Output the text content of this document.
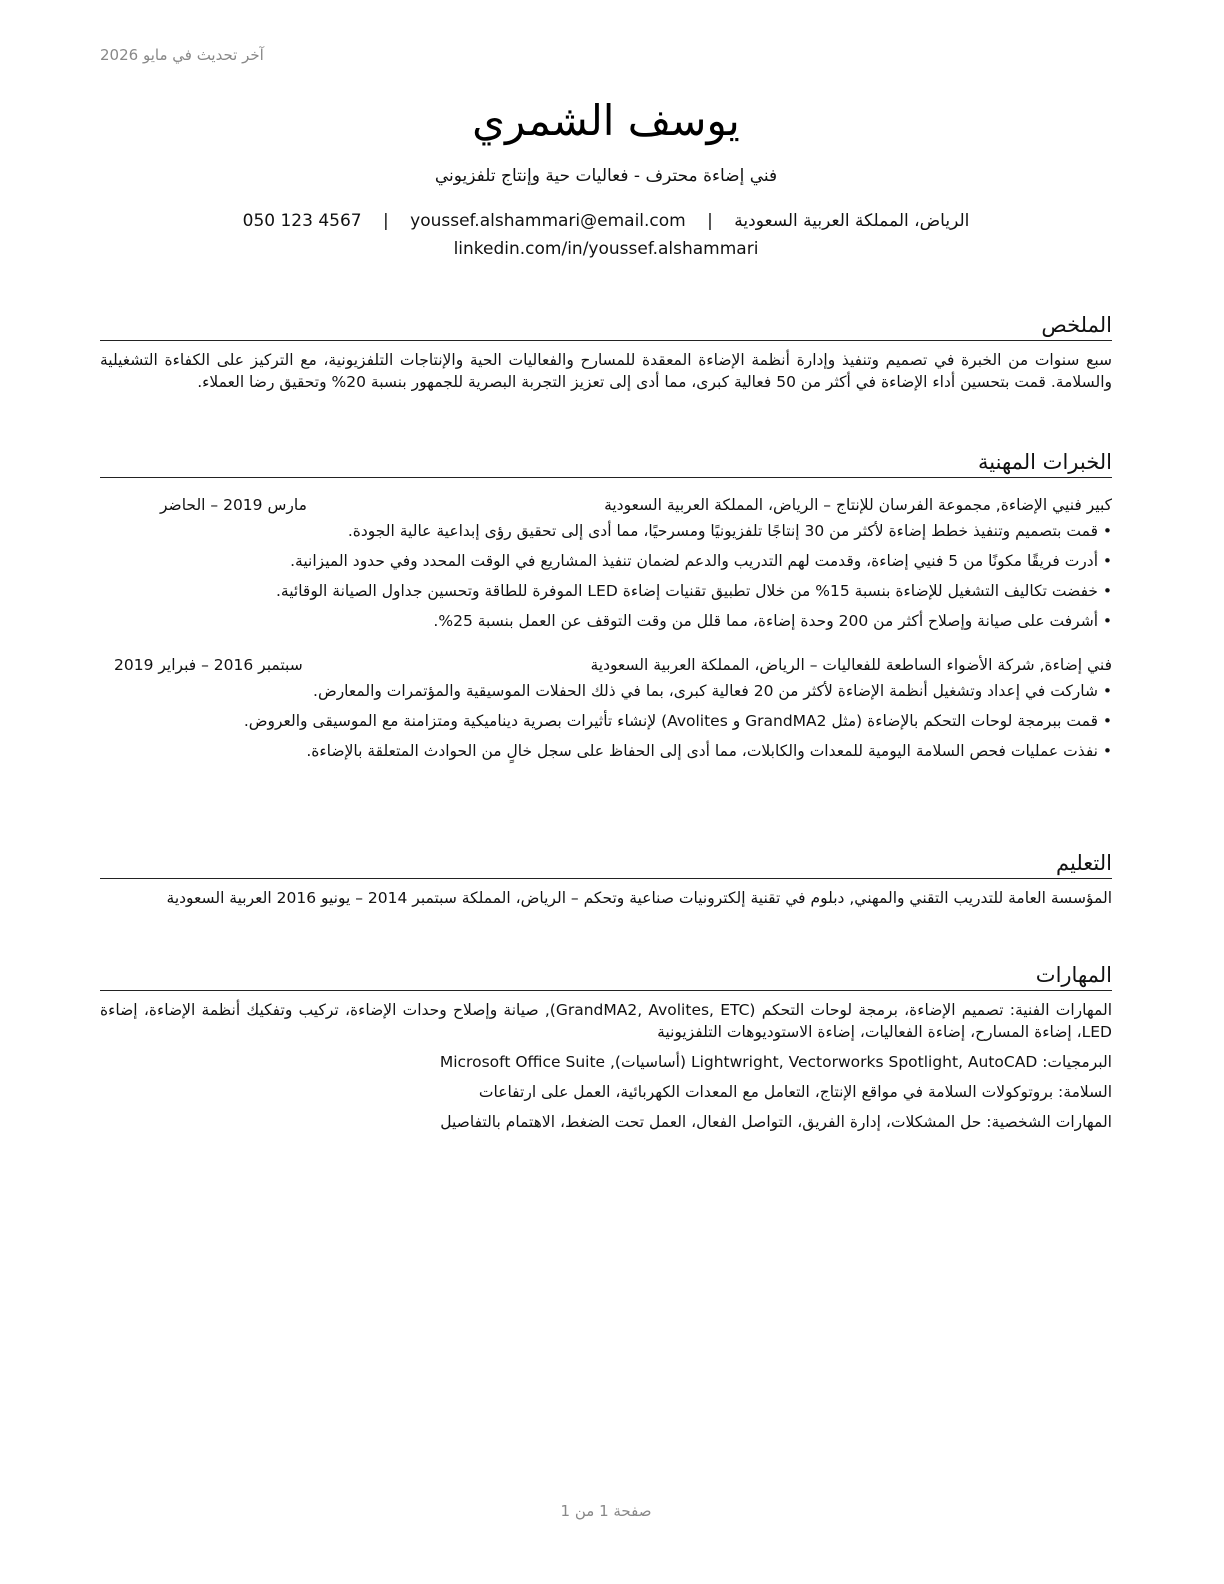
آخر تحديث في مايو 2026
يوسف الشمري
فني إضاءة محترف - فعاليات حية وإنتاج تلفزيوني
الرياض، المملكة العربية السعودية | youssef.alshammari@email.com | 050 123 4567
linkedin.com/in/youssef.alshammari
الملخص
سبع سنوات من الخبرة في تصميم وتنفيذ وإدارة أنظمة الإضاءة المعقدة للمسارح والفعاليات الحية والإنتاجات التلفزيونية، مع التركيز على الكفاءة التشغيلية والسلامة. قمت بتحسين أداء الإضاءة في أكثر من 50 فعالية كبرى، مما أدى إلى تعزيز التجربة البصرية للجمهور بنسبة 20% وتحقيق رضا العملاء.
الخبرات المهنية
كبير فنيي الإضاءة, مجموعة الفرسان للإنتاج – الرياض، المملكة العربية السعودية
مارس 2019 – الحاضر
• قمت بتصميم وتنفيذ خطط إضاءة لأكثر من 30 إنتاجًا تلفزيونيًا ومسرحيًا، مما أدى إلى تحقيق رؤى إبداعية عالية الجودة.
• أدرت فريقًا مكونًا من 5 فنيي إضاءة، وقدمت لهم التدريب والدعم لضمان تنفيذ المشاريع في الوقت المحدد وفي حدود الميزانية.
• خفضت تكاليف التشغيل للإضاءة بنسبة 15% من خلال تطبيق تقنيات إضاءة LED الموفرة للطاقة وتحسين جداول الصيانة الوقائية.
• أشرفت على صيانة وإصلاح أكثر من 200 وحدة إضاءة، مما قلل من وقت التوقف عن العمل بنسبة 25%.
فني إضاءة, شركة الأضواء الساطعة للفعاليات – الرياض، المملكة العربية السعودية
سبتمبر 2016 – فبراير 2019
• شاركت في إعداد وتشغيل أنظمة الإضاءة لأكثر من 20 فعالية كبرى، بما في ذلك الحفلات الموسيقية والمؤتمرات والمعارض.
• قمت ببرمجة لوحات التحكم بالإضاءة (مثل GrandMA2 و Avolites) لإنشاء تأثيرات بصرية ديناميكية ومتزامنة مع الموسيقى والعروض.
• نفذت عمليات فحص السلامة اليومية للمعدات والكابلات، مما أدى إلى الحفاظ على سجل خالٍ من الحوادث المتعلقة بالإضاءة.
التعليم
المؤسسة العامة للتدريب التقني والمهني, دبلوم في تقنية إلكترونيات صناعية وتحكم – الرياض، المملكة سبتمبر 2014 – يونيو 2016 العربية السعودية
المهارات
المهارات الفنية: تصميم الإضاءة، برمجة لوحات التحكم (GrandMA2, Avolites, ETC), صيانة وإصلاح وحدات الإضاءة، تركيب وتفكيك أنظمة الإضاءة، إضاءة LED، إضاءة المسارح، إضاءة الفعاليات، إضاءة الاستوديوهات التلفزيونية
البرمجيات: Lightwright, Vectorworks Spotlight, AutoCAD (أساسيات), Microsoft Office Suite
السلامة: بروتوكولات السلامة في مواقع الإنتاج، التعامل مع المعدات الكهربائية، العمل على ارتفاعات
المهارات الشخصية: حل المشكلات، إدارة الفريق، التواصل الفعال، العمل تحت الضغط، الاهتمام بالتفاصيل
صفحة 1 من 1
